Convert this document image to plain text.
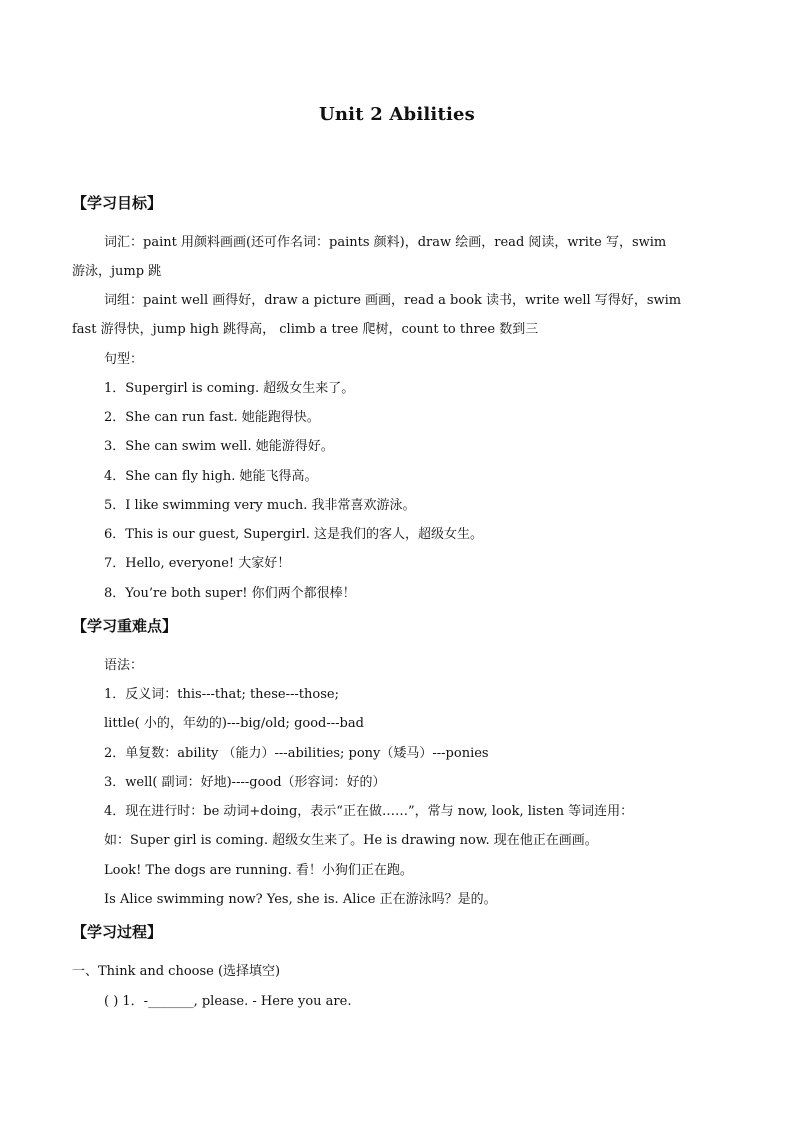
Unit 2 Abilities
【学习目标】
词汇：paint 用颜料画画(还可作名词：paints 颜料)，draw 绘画，read 阅读，write 写，swim
游泳，jump 跳
词组：paint well 画得好，draw a picture 画画，read a book 读书，write well 写得好，swim
fast 游得快，jump high 跳得高， climb a tree 爬树，count to three 数到三
句型：
1．Supergirl is coming. 超级女生来了。
2．She can run fast. 她能跑得快。
3．She can swim well. 她能游得好。
4．She can fly high. 她能飞得高。
5．I like swimming very much. 我非常喜欢游泳。
6．This is our guest, Supergirl. 这是我们的客人，超级女生。
7．Hello, everyone! 大家好！
8．You’re both super! 你们两个都很棒！
【学习重难点】
语法：
1．反义词：this---that; these---those;
little( 小的，年幼的)---big/old; good---bad
2．单复数：ability （能力）---abilities; pony（矮马）---ponies
3．well( 副词：好地)----good（形容词：好的）
4．现在进行时：be 动词+doing，表示“正在做……”，常与 now, look, listen 等词连用：
如：Super girl is coming. 超级女生来了。He is drawing now. 现在他正在画画。
Look! The dogs are running. 看！小狗们正在跑。
Is Alice swimming now? Yes, she is. Alice 正在游泳吗？是的。
【学习过程】
一、Think and choose (选择填空)
( ) 1．-_______, please. - Here you are.
